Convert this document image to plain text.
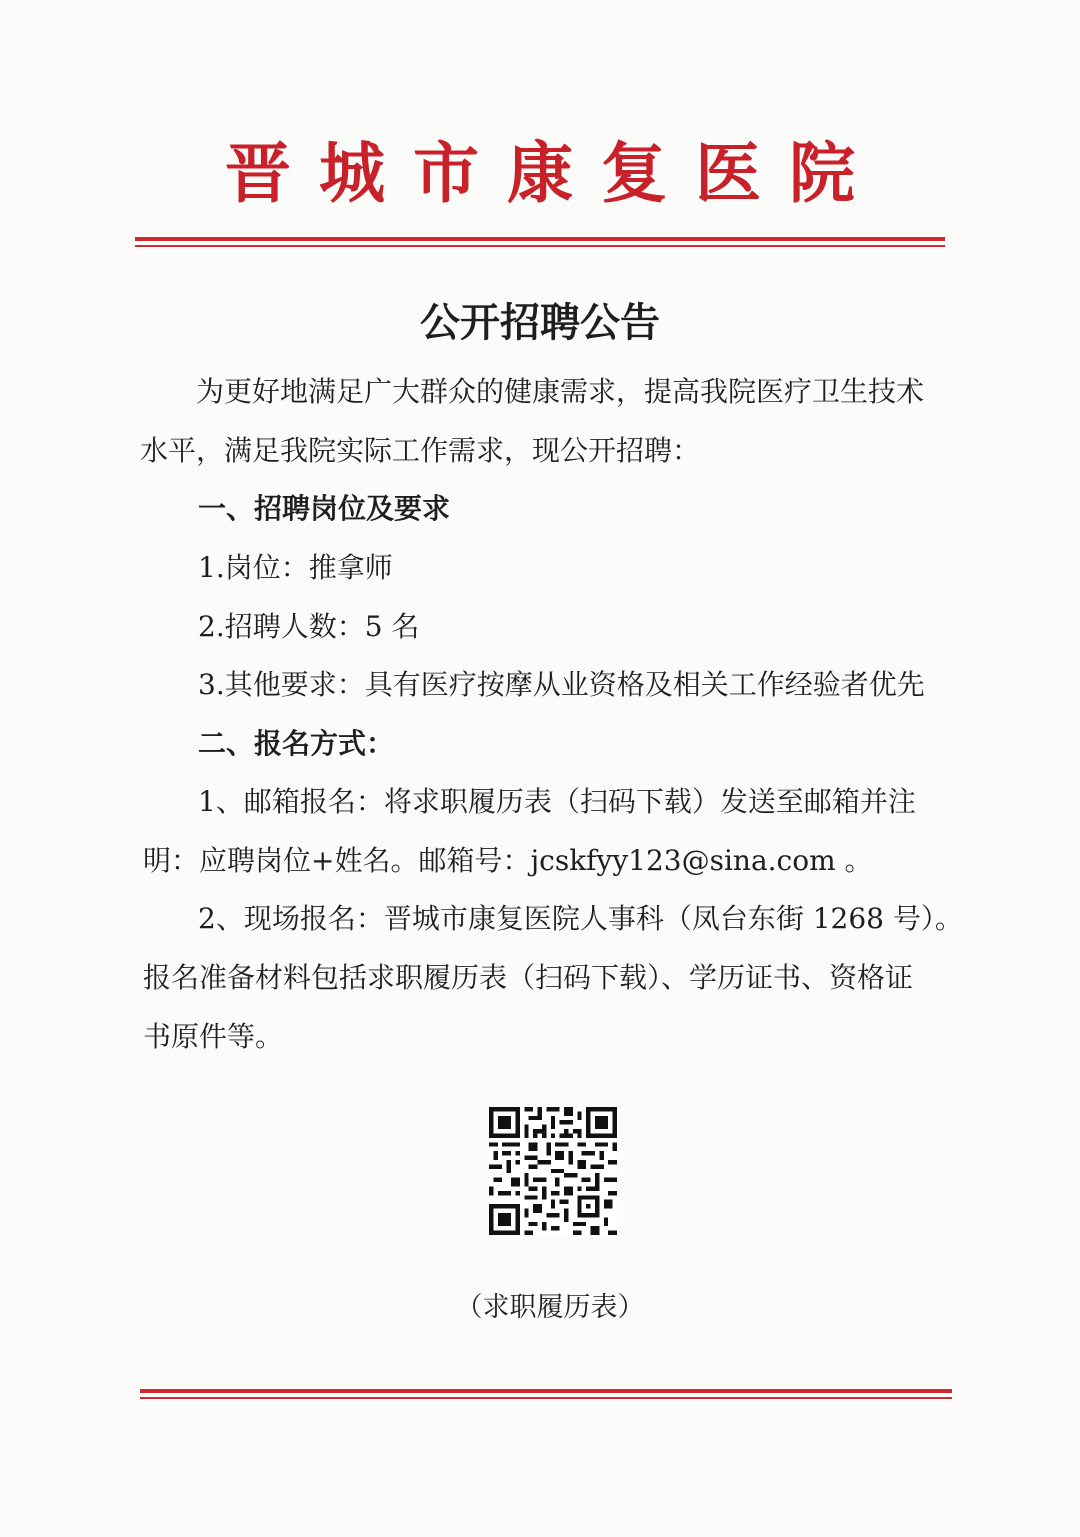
晋城市康复医院
公开招聘公告
为更好地满足广大群众的健康需求，提高我院医疗卫生技术
水平，满足我院实际工作需求，现公开招聘：
一、招聘岗位及要求
1.岗位：推拿师
2.招聘人数：5 名
3.其他要求：具有医疗按摩从业资格及相关工作经验者优先
二、报名方式：
1、邮箱报名：将求职履历表（扫码下载）发送至邮箱并注
明：应聘岗位+姓名。邮箱号：jcskfyy123@sina.com 。
2、现场报名：晋城市康复医院人事科（凤台东街 1268 号）。
报名准备材料包括求职履历表（扫码下载）、学历证书、资格证
书原件等。
（求职履历表）
